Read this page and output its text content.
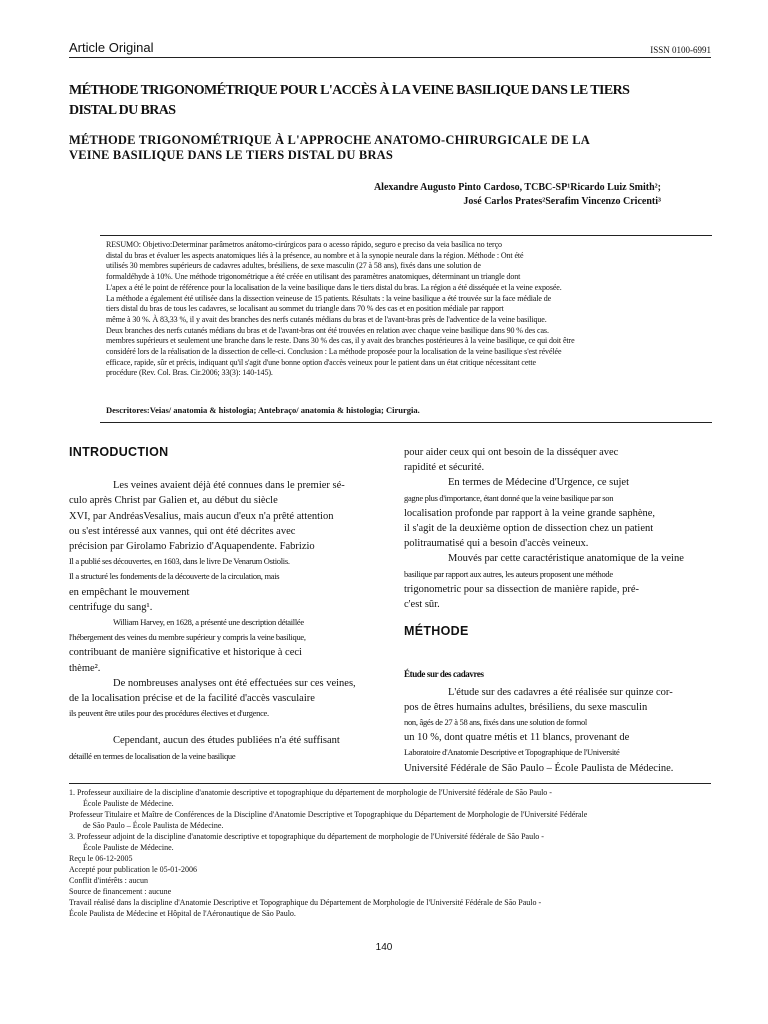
Article Original	ISSN 0100-6991
MÉTHODE TRIGONOMÉTRIQUE POUR L'ACCÈS À LA VEINE BASILIQUE DANS LE TIERS
DISTAL DU BRAS
MÉTHODE TRIGONOMÉTRIQUE À L'APPROCHE ANATOMO-CHIRURGICALE DE LA
VEINE BASILIQUE DANS LE TIERS DISTAL DU BRAS
Alexandre Augusto Pinto Cardoso, TCBC-SP¹Ricardo Luiz Smith²;
José Carlos Prates²Serafim Vincenzo Cricenti³
RESUMO: Objetivo:Determinar parâmetros anátomo-cirúrgicos para o acesso rápido, seguro e preciso da veia basílica no terço
distal du bras et évaluer les aspects anatomiques liés à la présence, au nombre et à la synopie neurale dans la région. Méthode : Ont été
utilisés 30 membres supérieurs de cadavres adultes, brésiliens, de sexe masculin (27 à 58 ans), fixés dans une solution de
formaldéhyde à 10%. Une méthode trigonométrique a été créée en utilisant des paramètres anatomiques, déterminant un triangle dont
L'apex a été le point de référence pour la localisation de la veine basilique dans le tiers distal du bras. La région a été disséquée et la veine exposée.
La méthode a également été utilisée dans la dissection veineuse de 15 patients. Résultats : la veine basilique a été trouvée sur la face médiale de
tiers distal du bras de tous les cadavres, se localisant au sommet du triangle dans 70 % des cas et en position médiale par rapport
même à 30 %. À 83,33 %, il y avait des branches des nerfs cutanés médians du bras et de l'avant-bras près de l'adventice de la veine basilique.
Deux branches des nerfs cutanés médians du bras et de l'avant-bras ont été trouvées en relation avec chaque veine basilique dans 90 % des cas.
membres supérieurs et seulement une branche dans le reste. Dans 30 % des cas, il y avait des branches postérieures à la veine basilique, ce qui doit être
considéré lors de la réalisation de la dissection de celle-ci. Conclusion : La méthode proposée pour la localisation de la veine basilique s'est révélée
efficace, rapide, sûr et précis, indiquant qu'il s'agit d'une bonne option d'accès veineux pour le patient dans un état critique nécessitant cette
procédure (Rev. Col. Bras. Cir.2006; 33(3): 140-145).
Descritores:Veias/ anatomia & histologia; Antebraço/ anatomia & histologia; Cirurgia.
INTRODUCTION

Les veines avaient déjà été connues dans le premier sé-

culo après Christ par Galien et, au début du siècle

XVI, par AndréasVesalius, mais aucun d'eux n'a prêté attention

ou s'est intéressé aux vannes, qui ont été décrites avec

précision par Girolamo Fabrizio d'Aquapendente. Fabrizio

Il a publié ses découvertes, en 1603, dans le livre De Venarum Ostiolis.

Il a structuré les fondements de la découverte de la circulation, mais

en empêchant le mouvement

centrifuge du sang¹.

William Harvey, en 1628, a présenté une description détaillée

l'hébergement des veines du membre supérieur y compris la veine basilique,

contribuant de manière significative et historique à ceci

thème².

De nombreuses analyses ont été effectuées sur ces veines,

de la localisation précise et de la facilité d'accès vasculaire

ils peuvent être utiles pour des procédures électives et d'urgence.

Cependant, aucun des études publiées n'a été suffisant

détaillé en termes de localisation de la veine basilique

pour aider ceux qui ont besoin de la disséquer avec

rapidité et sécurité.

En termes de Médecine d'Urgence, ce sujet

gagne plus d'importance, étant donné que la veine basilique par son

localisation profonde par rapport à la veine grande saphène,

il s'agit de la deuxième option de dissection chez un patient

politraumatisé qui a besoin d'accès veineux.

Mouvés par cette caractéristique anatomique de la veine

basilique par rapport aux autres, les auteurs proposent une méthode

trigonometric pour sa dissection de manière rapide, pré-

c'est sûr.

MÉTHODE
Étude sur des cadavres

L'étude sur des cadavres a été réalisée sur quinze cor-

pos de êtres humains adultes, brésiliens, du sexe masculin

non, âgés de 27 à 58 ans, fixés dans une solution de formol

un 10 %, dont quatre métis et 11 blancs, provenant de

Laboratoire d'Anatomie Descriptive et Topographique de l'Université

Université Fédérale de São Paulo – École Paulista de Médecine.

1. Professeur auxiliaire de la discipline d'anatomie descriptive et topographique du département de morphologie de l'Université fédérale de São Paulo -
École Pauliste de Médecine.
Professeur Titulaire et Maître de Conférences de la Discipline d'Anatomie Descriptive et Topographique du Département de Morphologie de l'Université Fédérale
de São Paulo – École Paulista de Médecine.
3. Professeur adjoint de la discipline d'anatomie descriptive et topographique du département de morphologie de l'Université fédérale de São Paulo -
École Pauliste de Médecine.
Reçu le 06-12-2005
Accepté pour publication le 05-01-2006
Conflit d'intérêts : aucun
Source de financement : aucune
Travail réalisé dans la discipline d'Anatomie Descriptive et Topographique du Département de Morphologie de l'Université Fédérale de São Paulo -
École Paulista de Médecine et Hôpital de l'Aéronautique de São Paulo.
140
